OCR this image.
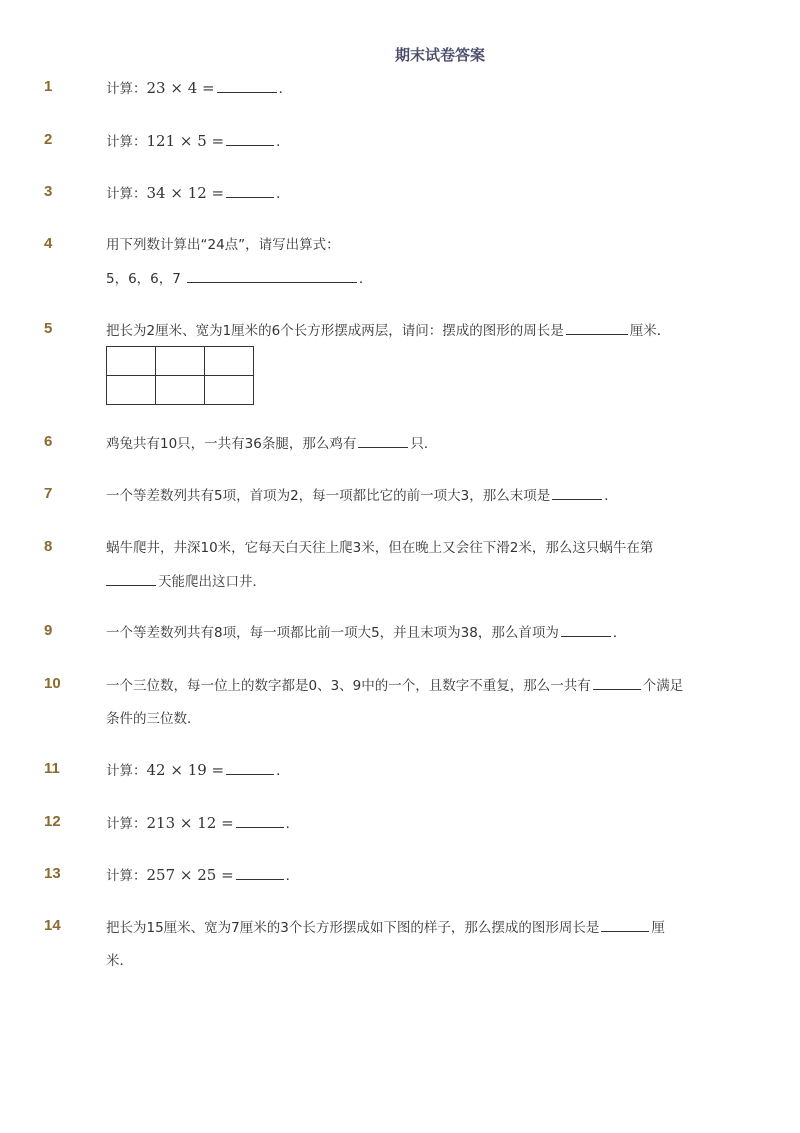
期末试卷答案
1	计算：23 × 4 =	．
2	计算：121 × 5 =	．
3	计算：34 × 12 =	．
4	用下列数计算出“24点”，请写出算式：
5，6，6，7	．
5	把长为2厘米、宽为1厘米的6个长方形摆成两层，请问：摆成的图形的周长是	厘米．

6	鸡兔共有10只，一共有36条腿，那么鸡有	只．
7	一个等差数列共有5项，首项为2，每一项都比它的前一项大3，那么末项是	．
8	蜗牛爬井，井深10米，它每天白天往上爬3米，但在晚上又会往下滑2米，那么这只蜗牛在第
天能爬出这口井．
9	一个等差数列共有8项，每一项都比前一项大5，并且末项为38，那么首项为	．
10	一个三位数，每一位上的数字都是0、3、9中的一个，且数字不重复，那么一共有	个满足
条件的三位数．
11	计算：42 × 19 =	．
12	计算：213 × 12 =	．
13	计算：257 × 25 =	．
14	把长为15厘米、宽为7厘米的3个长方形摆成如下图的样子，那么摆成的图形周长是	厘
米．
